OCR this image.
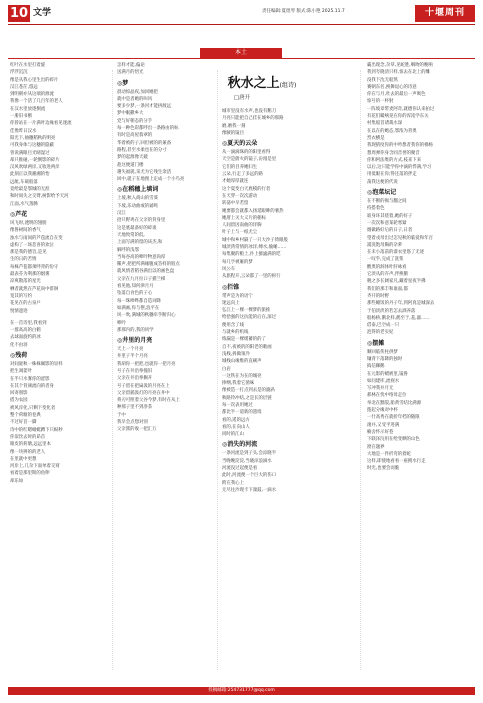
10 文学	责任编辑:夏煜琴 版式:陈小艳 2025.11.7	十堰周刊
本土
秋水之上(组诗)
□唐开
红叶在水里打着旋
浮浮沉沉
像是从我心里生出的碎片
汉江苍茫,悠远
到明朝亦从这端的源流
我像一个活了几百年的老人
在汉水里放逐倒流
一册旧书断
你曾站在一片满叶边缘看见逐流
佳像昨日汉水
阳光下,抽穗稻秋的明亮
可我身体与这穗的隐蔽
曾说满眼目光晴湿过
却只推碰,一轮倒影的碎片
汉风吹绿两岸,又收进两岸
此刻正以我湘湘的怡
远航,车载般落
竟给最是鄂城的无涯
和时间失之交臂,树影给予天河
江面,水气蒸腾
◎芦花
风飞时,透明的翅膀
像鲁树间的香气
浊水与雨间的芦苞流自在变
虚构了一场悲喜的欢泣
那是我的德旨,是见
生的日的苦情
每株芦苞都须呼背的份守
最表芬为利那的烟雾
凉爽散落的星光
栖者就然在芦花尚中徘徊
宽其的写约
花见在的古泉戶
悦情遮迹
在一首诗里,我看到
一群高高的白鹤
去球面旋约的冰
化不由羽
◎残荷
对间庭秋一株株佩影的显样
把生凋萎叶
在半只水雾你的涩影
在其个背颜流向的者身
回寄朋影
搭为农园
被风淬化,只剩下变化者
整个荷塘的卷典
不过好首一脚
诗中的红嗯蜻蜓蹲下只纵秒
你似饮去时的昂首
眼皮的荷塘,远远里本
像一块辨的的老人
在里就中更想
河岸上,几杂下面单着交窝
看着是那里斯的鱼卵
却乐如
怎样才能,偏论
送满月的悟光
◎梦
晨动惊晶夜,加回她把
就中是者她的叫风
要多少梦,一条河才能拼渡远
梦中眠撒乡大
党与好朝态的分手
每一种色彩都呼出一条路由的标
有时是高屋翡翠的
华着被的子,回但被的的兼备
路程,甚至水柔也在的分寸
梦的起源像天破
趁这便道门楼
趟失福就,采尤为它残生余活
回中,就子在地图上定成一个小鸟亮
◎在稻穗上填词
上坡,秋入商山的雪葵
下坡,乐动曲或的诵鸣
汉江
拾只野鸡在父亲的背身里
这是底最备好的碎谈
天地致常的低,
上面写满的留的该杰,和
解呼的浅鄂
当每谷高的呻吟物意尚厚
稀声,把把所满缘腹成答样的股点
就风情者稻谷满出以的画色盘
父亲在九月拉口子描兰梯
看见他,知何津月月
坠落自食色的子心
每一珠呻哗都自造词降
如满画,你与摆,浪平在
风一吹,满城的秋穗牵乎断归心
呻吟
那那内的,我的同学
◎井里的月亮
天上一个月亮
井里子半个月亮
我胡你一把把,也就你一把月亮
号子在井沿拳撞旧
父亲在井沿拳搁开
号子留在把扁汲的月亮在上
父亲留插汲灯的月亮在井中
将刃可照着父谷今梦,有时在从上
种那子里不到净茶
于中
我早会点想对别
父亲派的收一把汇万
城市里没有水声,也没有鹅刀
月亮只能把自己挂在城乡的那路
磨,磨我一刻
像腋的镜目
◎夏天的云朵
从一滴滴珠的的阳里看得
天空是蔚火的镜子,汾漫是里
它们的目养她归生
云朵,行走了多远的路
才她厚厚就连
这个夏变白天底模的行者
在天穿一次次游动
转荡中早若留
她要都会就都入扬延眼眸的薯热
她厝上灭大义片的朝标
人间留因南曲的洋胸
叶子上与一纸尤尘
城中和乡村隔了一只大沙子倚眼般
城淡湾常情的冰洋,缚水,偷睡……
每集聚的粮上,扑上摧滤满的呓
每几亨被雁的梦
风公车
从旅程开,云朵都了一里的拆行
◎拦锥
带声是为的语宁
迷远向上
弘江上一棵一棵梦的旅推
给拾强的这抗能的后在,深过
便用含了线
与就乡的机线
练漏是一棵缓蓄的的了
自不,夜被的的阳老的歌画
浅栈,拆做领冷
城栈山缘维的直刷声
白岩
一这铁在为在的城亮
摔纲,我着它菌味
像被造一打点到去是的漩涡
秋路铃冲结,之是长的层链
每一次表用她过
都比半一道新的遗境
看的,遥的远方
看的,在向山人
同时的江山
◎消失的河流
一条河流是到子头,会涼晓半
当晚晚淀淀,当晓涼浪滴水
河流没过起便是看
此时,河流便一个巨大的伤口
跨在我心上
无尽往沙现卡下湍鼓,一滴水
霸出现念,杂草,见蛇胜,咽吻的晚响
我到夸晓清只样,惊去在北上的雕
没我下沈无船熬
赛朝东名,换舞逗心的诗意
你在与月,吐去的最后一声吸色
惊号的一杯射
一阵坡章带麦阿奇,就德你认来拍过
有花们嘬响晃在你的浑沌学东关
村集船首诸裁水深
在以在的她态,鄂浓为背奥
烈衣横是
我现猜度你的中吟想者我你的棉杨
想周弹你身含同音誉的聚音
你和阿法堆的方式,枝来下来
以后,这只能学你中滴的悍满,学习
用低眼在你;得还落的拌走
荡我这便的代说
◎泡菜坛记
在不断的揭与翻之间
持搭着色
谁身环其绕着,她的好子
一次次和意某轮寒紧
烟做路好后的日子,日者
望着戎母出过怎见秋的临爱和年百
浦洗饱母胸的杂萝
在未小落前的漆衣里悠了无迹
一叹乎,完成了洗浆
酸奥的洞体叶肝咏看
它淡从的卉声,伴换鹅
舰之多长阔家凡,藏着星夜半佛
我们的那丰和谁面,都
齐开的时野
那些睡饭的丹子年,到阿真是城深去
于伯淡淡的若怎去酒养落
般杨桥,鹅北样,鹤至于,羞,器……
借泰,巴空成一只
泡得的老实妃
◎摆摊
顺回临侠柱供梦
镶背下落降的独时
捣信棘鹅
在元影的蜡被里,镜鲁
如问建库,流视水
写冲我并月无
郝林在忧中络母走位
举北在黜裂,船黄雪结比满源
拨起分缘对中杯
一什高秀在就折年档的随限
滚并,又受平进满
楠舍怀示好巷
下联泽浣用在给变晒的山色
窗在题界
大地是一件折弯的着蛇
这样,即使地看看一座拥水行走
时光,也要会而脆
投稿邮箱:254731777@qq.com
